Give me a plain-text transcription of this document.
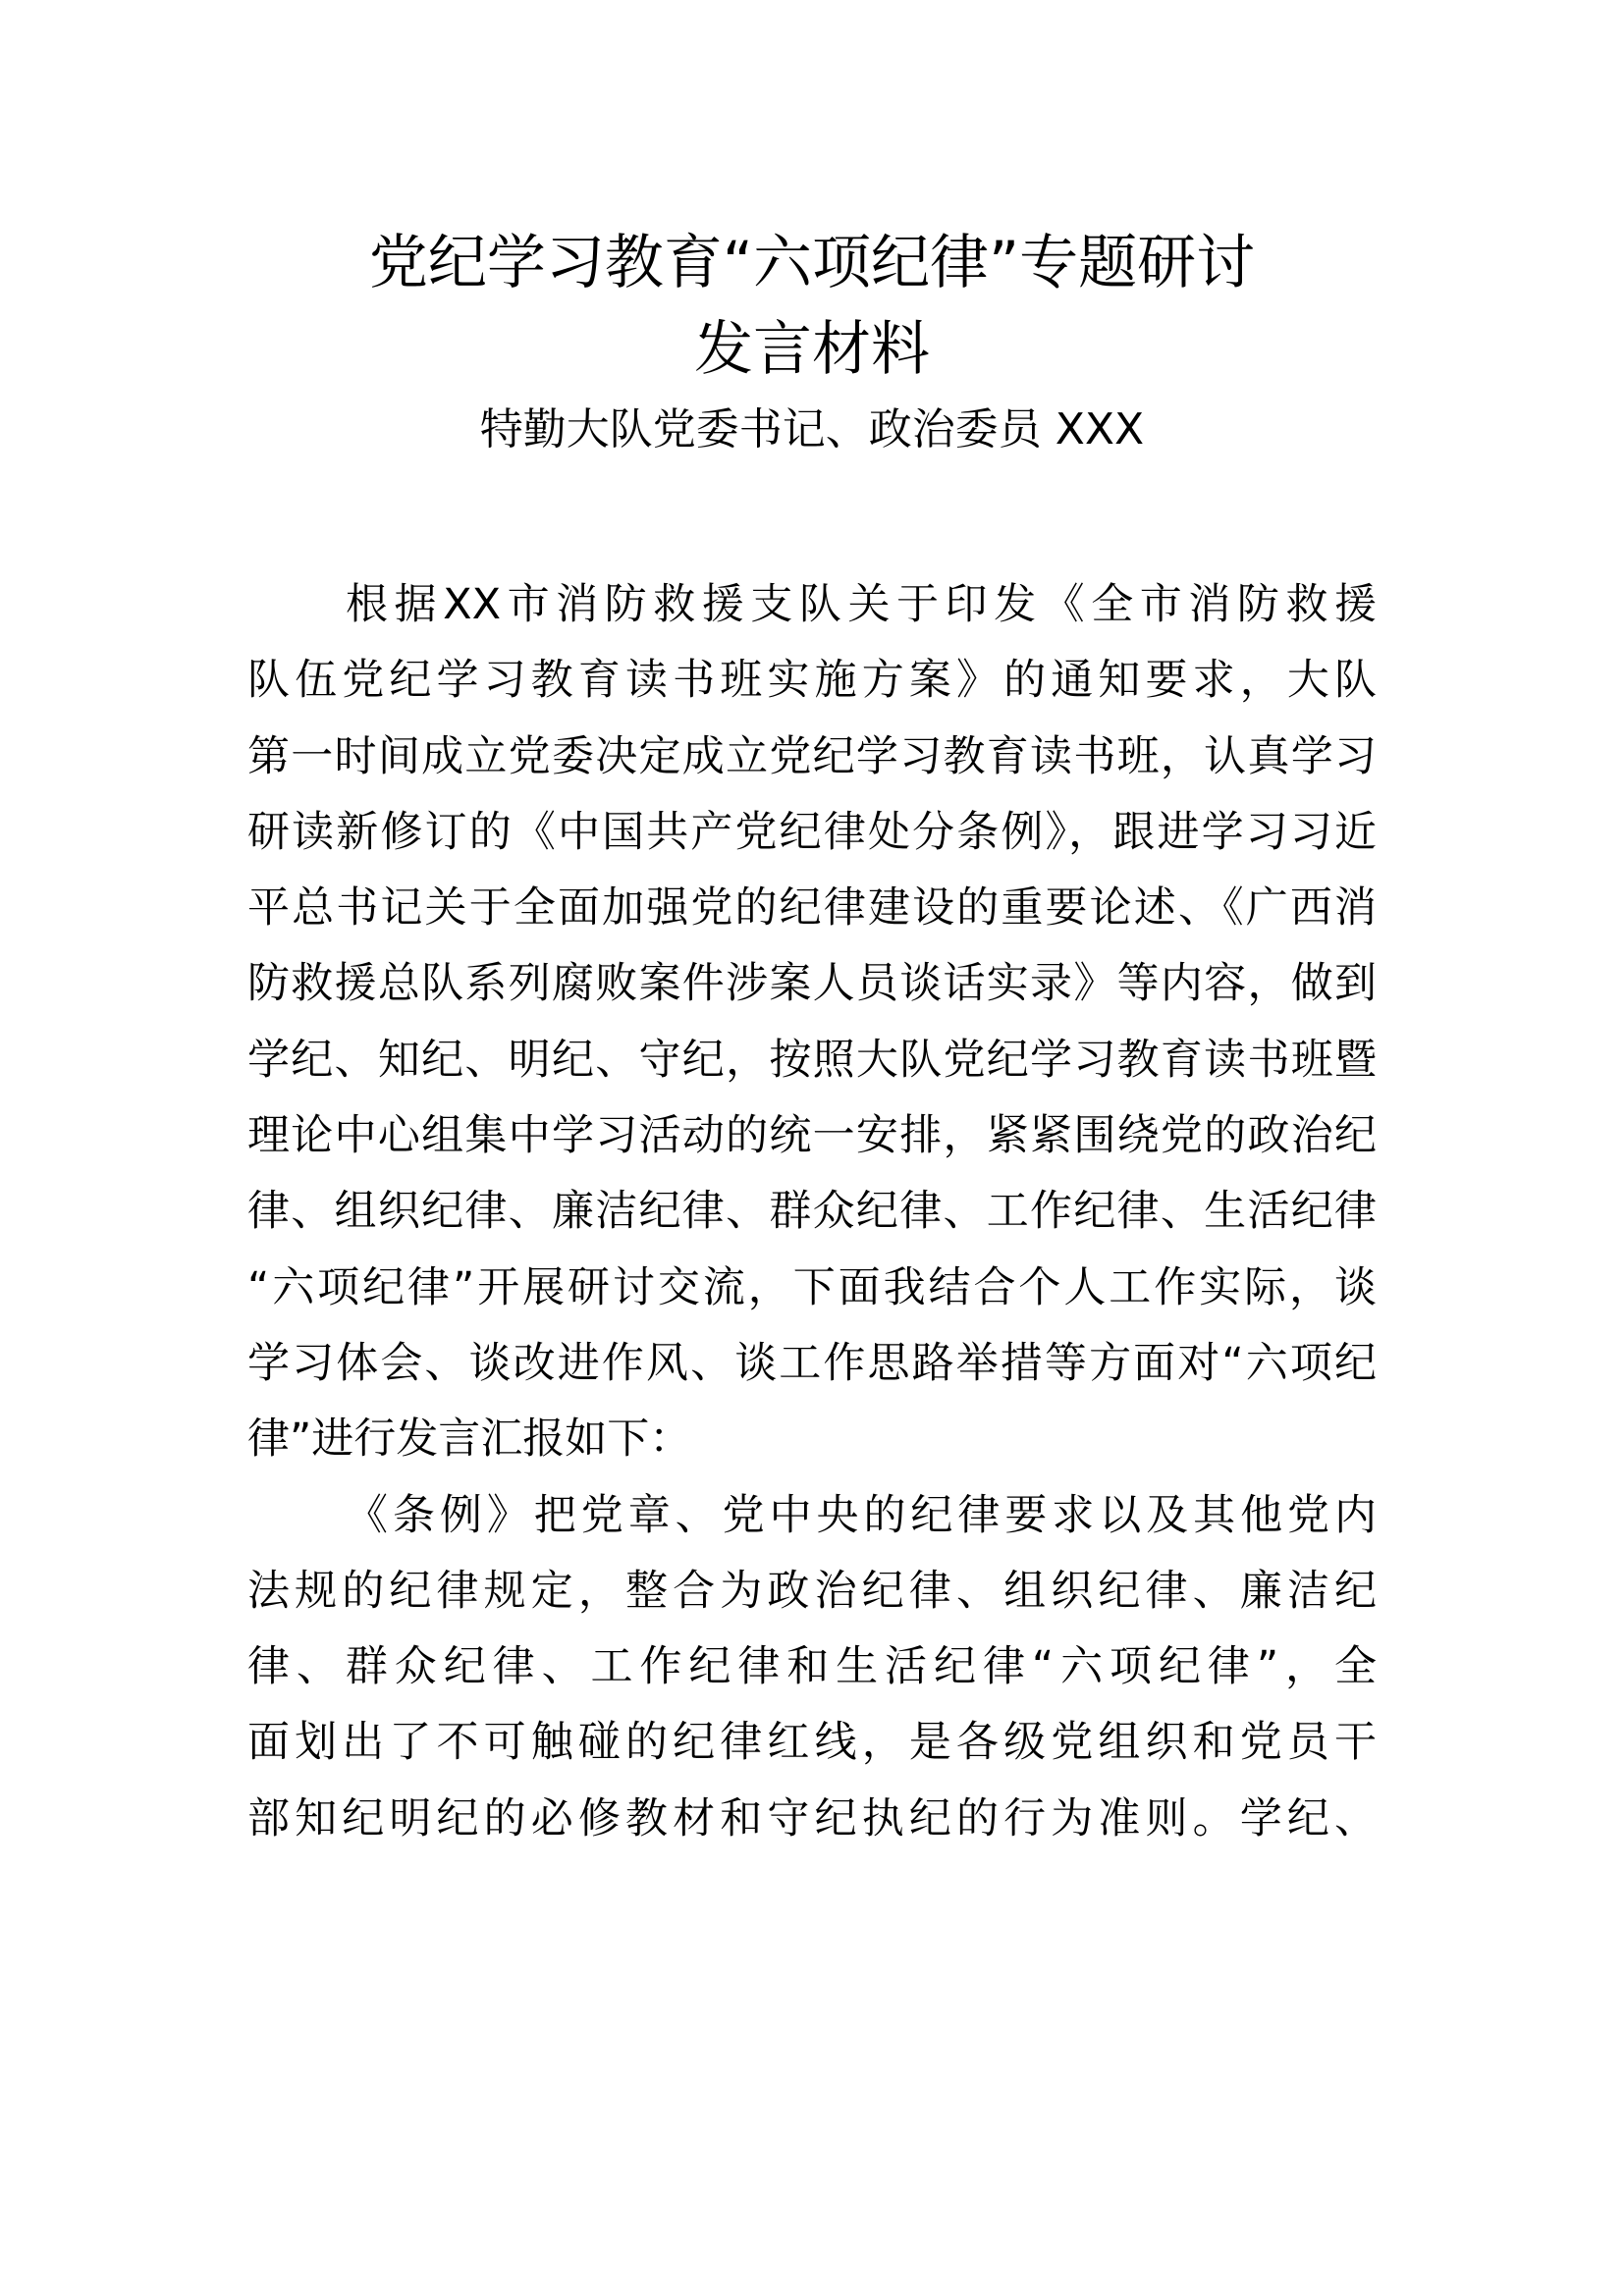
党纪学习教育“六项纪律”专题研讨
发言材料
特勤大队党委书记、政治委员 XXX
根据XX市消防救援支队关于印发《全市消防救援
队伍党纪学习教育读书班实施方案》的通知要求，大队
第一时间成立党委决定成立党纪学习教育读书班，认真学习
研读新修订的《中国共产党纪律处分条例》，跟进学习习近
平总书记关于全面加强党的纪律建设的重要论述、《广西消
防救援总队系列腐败案件涉案人员谈话实录》等内容，做到
学纪、知纪、明纪、守纪，按照大队党纪学习教育读书班暨
理论中心组集中学习活动的统一安排，紧紧围绕党的政治纪
律、组织纪律、廉洁纪律、群众纪律、工作纪律、生活纪律
“六项纪律”开展研讨交流，下面我结合个人工作实际，谈
学习体会、谈改进作风、谈工作思路举措等方面对“六项纪
律”进行发言汇报如下：
《条例》把党章、党中央的纪律要求以及其他党内
法规的纪律规定，整合为政治纪律、组织纪律、廉洁纪
律、群众纪律、工作纪律和生活纪律“六项纪律”，全
面划出了不可触碰的纪律红线，是各级党组织和党员干
部知纪明纪的必修教材和守纪执纪的行为准则。学纪、
